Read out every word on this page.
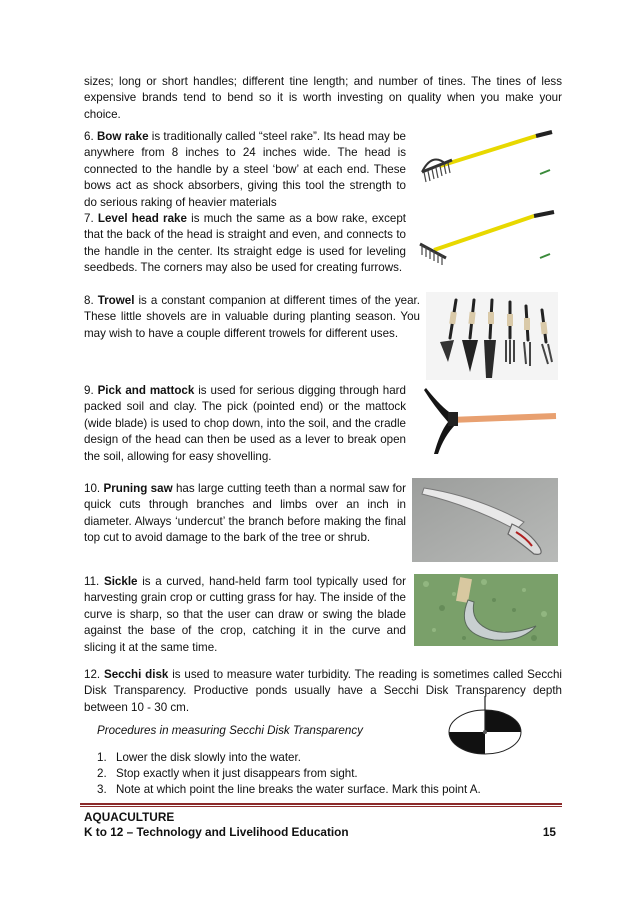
sizes; long or short handles; different tine length; and number of tines. The tines of less expensive brands tend to bend so it is worth investing on quality when you make your choice.

6. Bow rake is traditionally called “steel rake”. Its head may be anywhere from 8 inches to 24 inches wide. The head is connected to the handle by a steel ‘bow’ at each end. These bows act as shock absorbers, giving this tool the strength to do serious raking of heavier materials

7. Level head rake is much the same as a bow rake, except that the back of the head is straight and even, and connects to the handle in the center. Its straight edge is used for leveling seedbeds. The corners may also be used for creating furrows.

8. Trowel is a constant companion at different times of the year. These little shovels are in valuable during planting season. You may wish to have a couple different trowels for different uses.

9. Pick and mattock is used for serious digging through hard packed soil and clay. The pick (pointed end) or the mattock (wide blade) is used to chop down, into the soil, and the cradle design of the head can then be used as a lever to break open the soil, allowing for easy shovelling.

10. Pruning saw has large cutting teeth than a normal saw for quick cuts through branches and limbs over an inch in diameter. Always ‘undercut’ the branch before making the final top cut to avoid damage to the bark of the tree or shrub.

11. Sickle is a curved, hand-held farm tool typically used for harvesting grain crop or cutting grass for hay. The inside of the curve is sharp, so that the user can draw or swing the blade against the base of the crop, catching it in the curve and slicing it at the same time.

12. Secchi disk is used to measure water turbidity. The reading is sometimes called Secchi Disk Transparency. Productive ponds usually have a Secchi Disk Transparency depth between 10 - 30 cm.

Procedures in measuring Secchi Disk Transparency

1. Lower the disk slowly into the water.
2. Stop exactly when it just disappears from sight.
3. Note at which point the line breaks the water surface. Mark this point A.
AQUACULTURE
K to 12 – Technology and Livelihood Education	15
